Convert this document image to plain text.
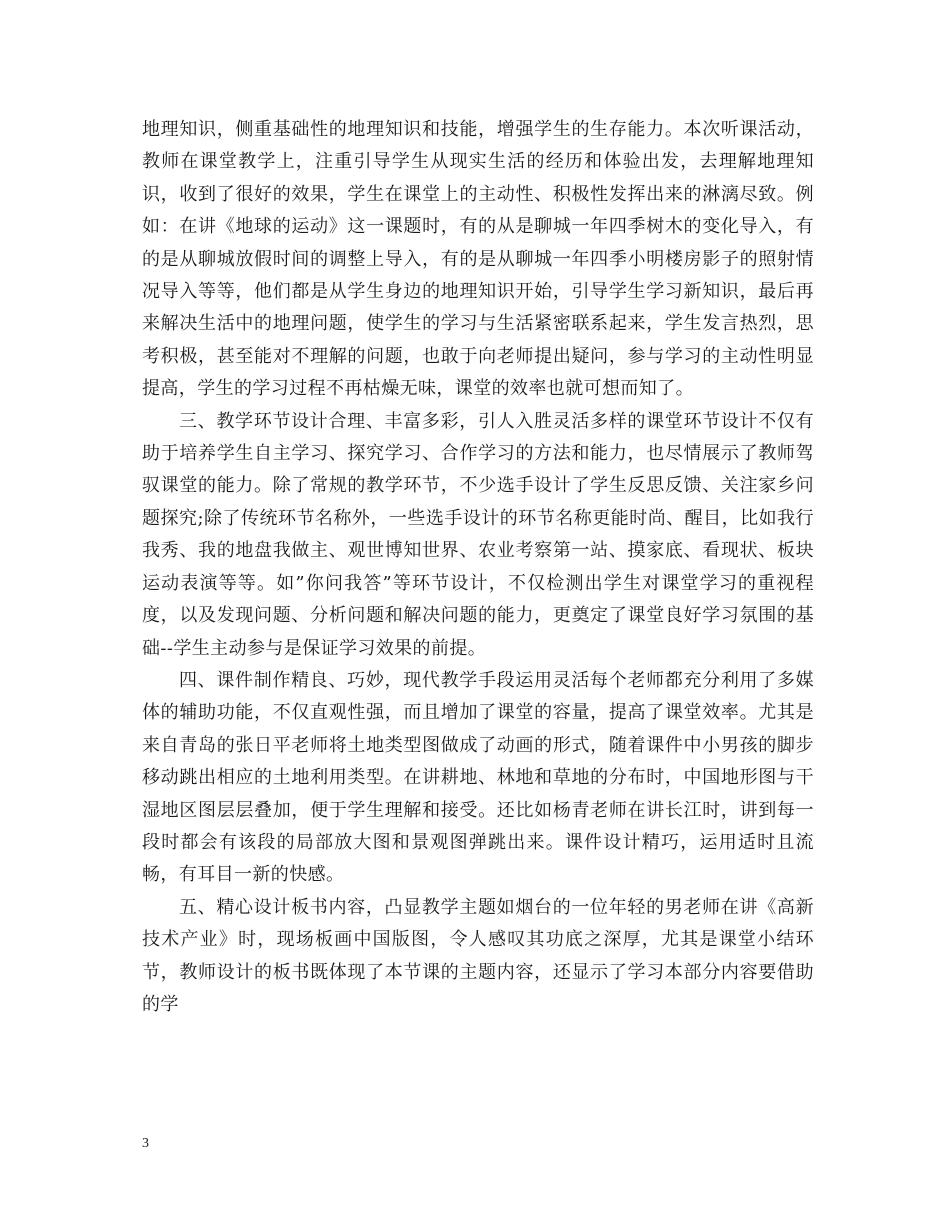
地理知识，侧重基础性的地理知识和技能，增强学生的生存能力。本次听课活动，教师在课堂教学上，注重引导学生从现实生活的经历和体验出发，去理解地理知识，收到了很好的效果，学生在课堂上的主动性、积极性发挥出来的淋漓尽致。例如：在讲《地球的运动》这一课题时，有的从是聊城一年四季树木的变化导入，有的是从聊城放假时间的调整上导入，有的是从聊城一年四季小明楼房影子的照射情况导入等等，他们都是从学生身边的地理知识开始，引导学生学习新知识，最后再来解决生活中的地理问题，使学生的学习与生活紧密联系起来，学生发言热烈，思考积极，甚至能对不理解的问题，也敢于向老师提出疑问，参与学习的主动性明显提高，学生的学习过程不再枯燥无味，课堂的效率也就可想而知了。

三、教学环节设计合理、丰富多彩，引人入胜灵活多样的课堂环节设计不仅有助于培养学生自主学习、探究学习、合作学习的方法和能力，也尽情展示了教师驾驭课堂的能力。除了常规的教学环节，不少选手设计了学生反思反馈、关注家乡问题探究;除了传统环节名称外，一些选手设计的环节名称更能时尚、醒目，比如我行我秀、我的地盘我做主、观世博知世界、农业考察第一站、摸家底、看现状、板块运动表演等等。如”你问我答”等环节设计，不仅检测出学生对课堂学习的重视程度，以及发现问题、分析问题和解决问题的能力，更奠定了课堂良好学习氛围的基础--学生主动参与是保证学习效果的前提。

四、课件制作精良、巧妙，现代教学手段运用灵活每个老师都充分利用了多媒体的辅助功能，不仅直观性强，而且增加了课堂的容量，提高了课堂效率。尤其是来自青岛的张日平老师将土地类型图做成了动画的形式，随着课件中小男孩的脚步移动跳出相应的土地利用类型。在讲耕地、林地和草地的分布时，中国地形图与干湿地区图层层叠加，便于学生理解和接受。还比如杨青老师在讲长江时，讲到每一段时都会有该段的局部放大图和景观图弹跳出来。课件设计精巧，运用适时且流畅，有耳目一新的快感。

五、精心设计板书内容，凸显教学主题如烟台的一位年轻的男老师在讲《高新技术产业》时，现场板画中国版图，令人感叹其功底之深厚，尤其是课堂小结环节，教师设计的板书既体现了本节课的主题内容，还显示了学习本部分内容要借助的学

3
